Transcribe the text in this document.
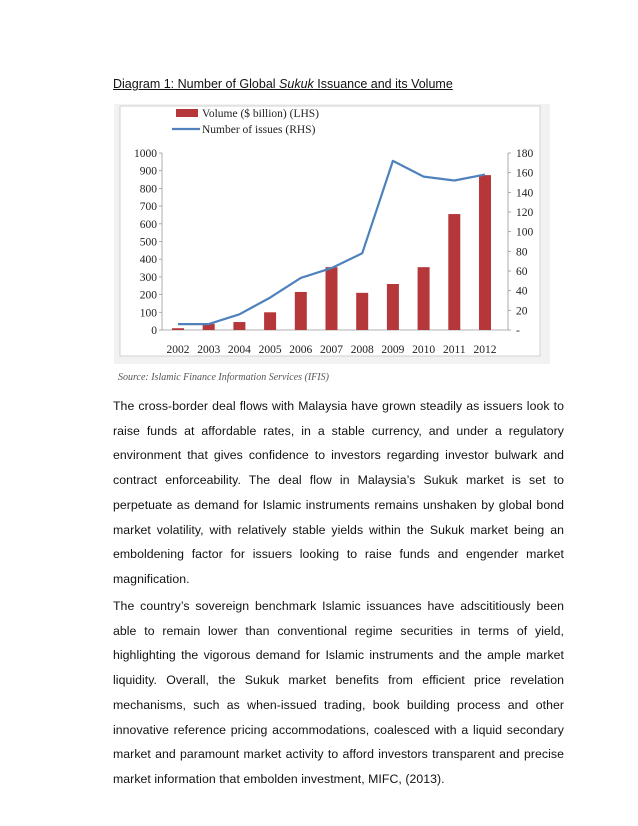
Diagram 1: Number of Global Sukuk Issuance and its Volume
Volume ($ billion) (LHS)
Number of issues (RHS)
0
100
200
300
400
500
600
700
800
900
1000
-
20
40
60
80
100
120
140
160
180
2002 2003 2004 2005 2006 2007 2008 2009 2010 2011 2012
Source: Islamic Finance Information Services (IFIS)

The cross-border deal flows with Malaysia have grown steadily as issuers look to raise funds at affordable rates, in a stable currency, and under a regulatory environment that gives confidence to investors regarding investor bulwark and contract enforceability. The deal flow in Malaysia’s Sukuk market is set to perpetuate as demand for Islamic instruments remains unshaken by global bond market volatility, with relatively stable yields within the Sukuk market being an emboldening factor for issuers looking to raise funds and engender market magnification.

The country’s sovereign benchmark Islamic issuances have adscititiously been able to remain lower than conventional regime securities in terms of yield, highlighting the vigorous demand for Islamic instruments and the ample market liquidity. Overall, the Sukuk market benefits from efficient price revelation mechanisms, such as when-issued trading, book building process and other innovative reference pricing accommodations, coalesced with a liquid secondary market and paramount market activity to afford investors transparent and precise market information that embolden investment, MIFC, (2013).
